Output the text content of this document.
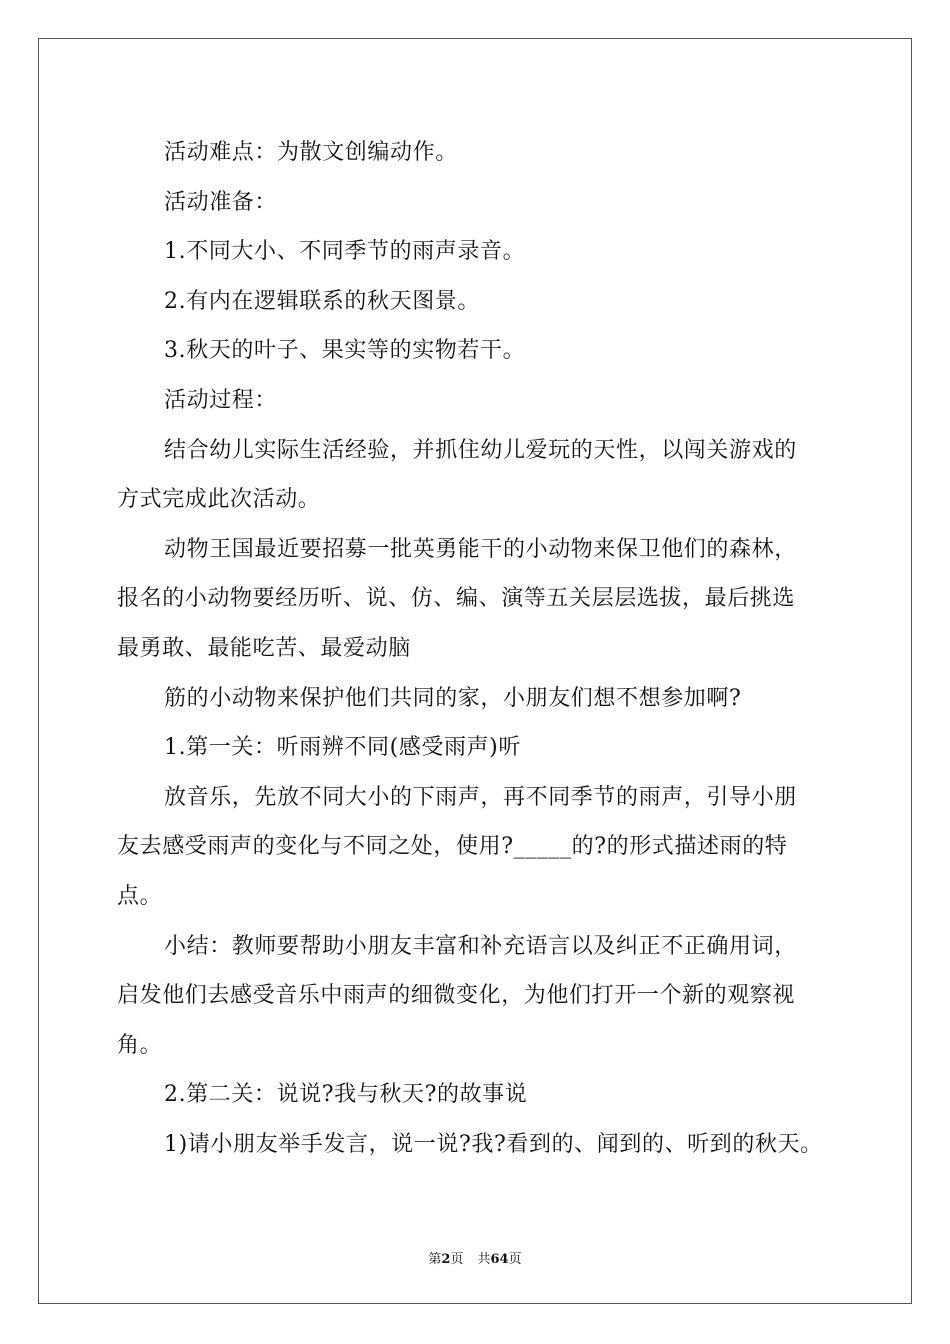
活动难点：为散文创编动作。
活动准备：
1.不同大小、不同季节的雨声录音。
2.有内在逻辑联系的秋天图景。
3.秋天的叶子、果实等的实物若干。
活动过程：
结合幼儿实际生活经验，并抓住幼儿爱玩的天性，以闯关游戏的
方式完成此次活动。
动物王国最近要招募一批英勇能干的小动物来保卫他们的森林，
报名的小动物要经历听、说、仿、编、演等五关层层选拔，最后挑选
最勇敢、最能吃苦、最爱动脑
筋的小动物来保护他们共同的家，小朋友们想不想参加啊?
1.第一关：听雨辨不同(感受雨声)听
放音乐，先放不同大小的下雨声，再不同季节的雨声，引导小朋
友去感受雨声的变化与不同之处，使用?_____的?的形式描述雨的特
点。
小结：教师要帮助小朋友丰富和补充语言以及纠正不正确用词，
启发他们去感受音乐中雨声的细微变化，为他们打开一个新的观察视
角。
2.第二关：说说?我与秋天?的故事说
1)请小朋友举手发言，说一说?我?看到的、闻到的、听到的秋天。
第2页 共64页
